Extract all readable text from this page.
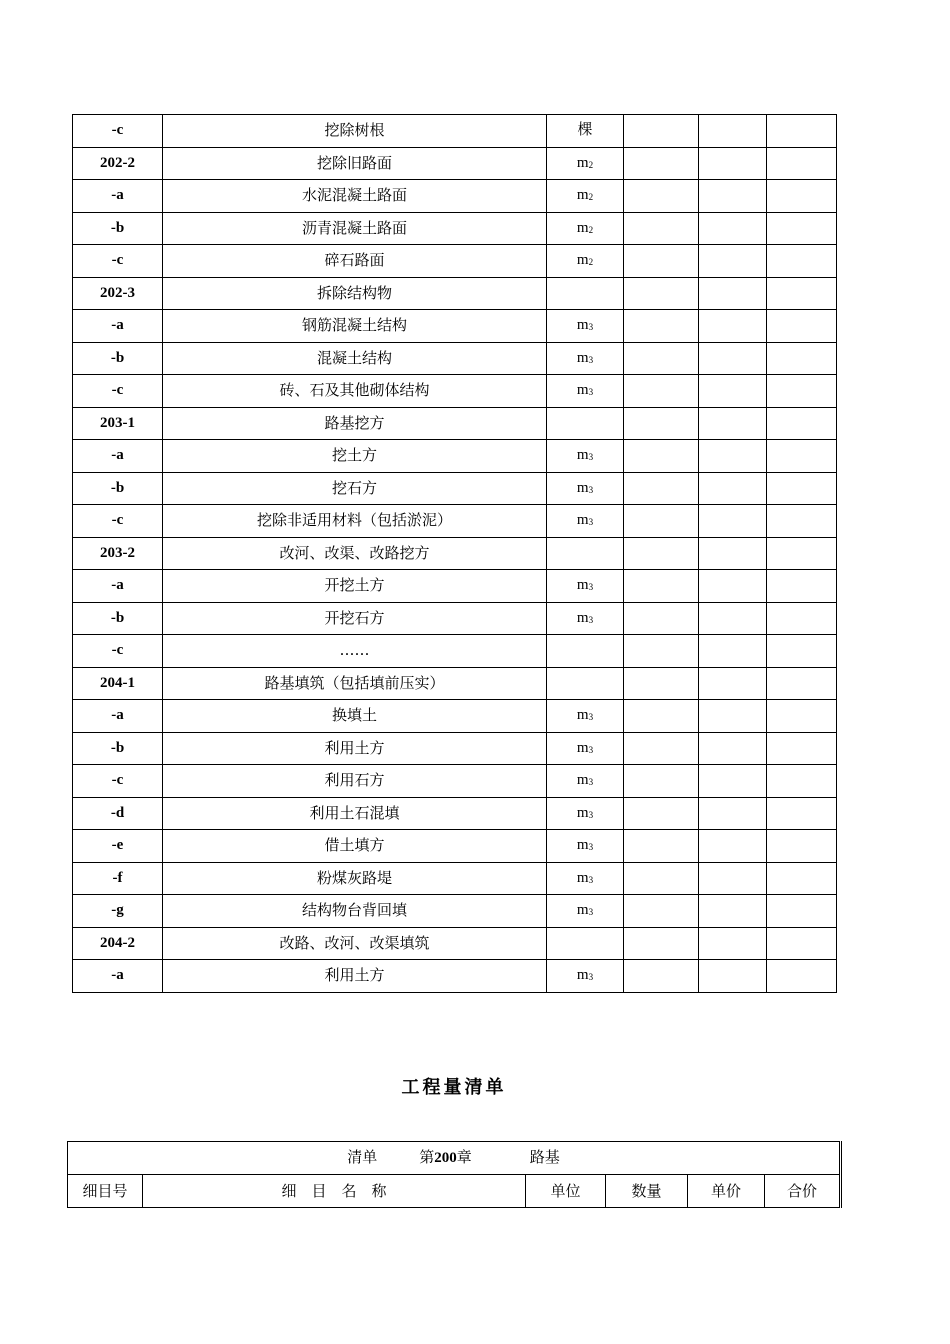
-c	挖除树根	棵			
202-2	挖除旧路面	$m^2$			
-a	水泥混凝土路面	$m^2$			
-b	沥青混凝土路面	$m^2$			
-c	碎石路面	$m^2$			
202-3	拆除结构物				
-a	钢筋混凝土结构	$m^3$			
-b	混凝土结构	$m^3$			
-c	砖、石及其他砌体结构	$m^3$			
203-1	路基挖方				
-a	挖土方	$m^3$			
-b	挖石方	$m^3$			
-c	挖除非适用材料（包括淤泥）	$m^3$			
203-2	改河、改渠、改路挖方				
-a	开挖土方	$m^3$			
-b	开挖石方	$m^3$			
-c	……				
204-1	路基填筑（包括填前压实）				
-a	换填土	$m^3$			
-b	利用土方	$m^3$			
-c	利用石方	$m^3$			
-d	利用土石混填	$m^3$			
-e	借土填方	$m^3$			
-f	粉煤灰路堤	$m^3$			
-g	结构物台背回填	$m^3$			
204-2	改路、改河、改渠填筑				
-a	利用土方	$m^3$			
工程量清单
清单	第200章	路基
细目号	细　目　名　称	单位	数量	单价	合价
